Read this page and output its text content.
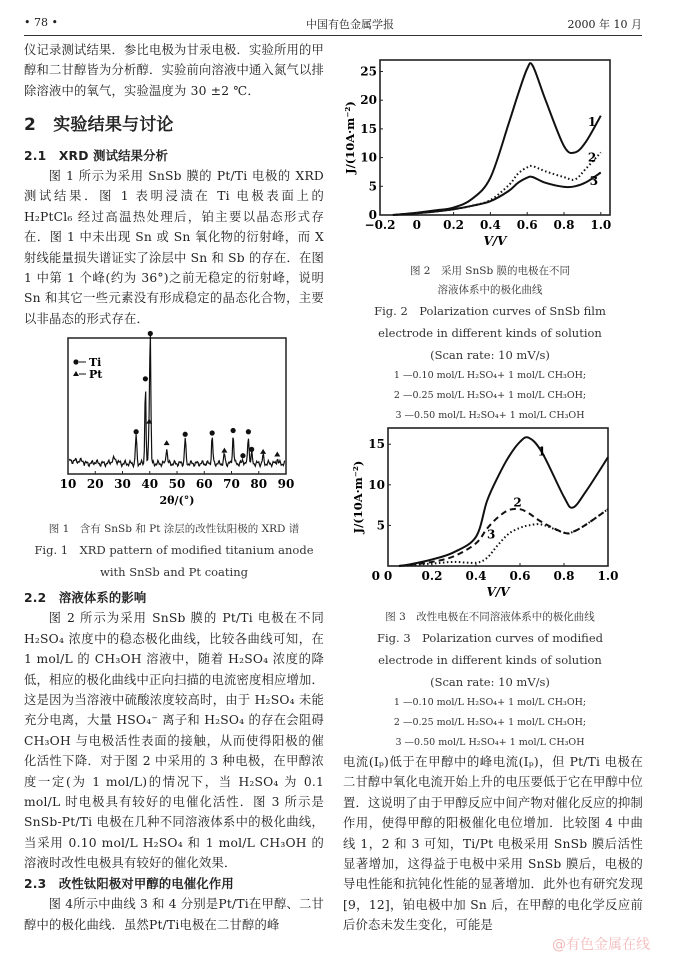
• 78 •	中国有色金属学报	2000 年 10 月

仪记录测试结果．参比电极为甘汞电极．实验所用的甲醇和二甘醇皆为分析醇．实验前向溶液中通入氮气以排除溶液中的氧气，实验温度为 30 ±2 ℃．

2　实验结果与讨论
2.1　XRD 测试结果分析

图 1 所示为采用 SnSb 膜的 Pt/Ti 电极的 XRD 测试结果．图 1 表明浸渍在 Ti 电极表面上的 H₂PtCl₆ 经过高温热处理后，铂主要以晶态形式存在．图 1 中未出现 Sn 或 Sn 氧化物的衍射峰，而 X 射线能量损失谱证实了涂层中 Sn 和 Sb 的存在．在图 1 中第 1 个峰(约为 36°)之前无稳定的衍射峰，说明 Sn 和其它一些元素没有形成稳定的晶态化合物，主要以非晶态的形式存在．

10 20 30 40 50 60 70 80 90
2θ/(°)
Ti
Pt
图 1　含有 SnSb 和 Pt 涂层的改性钛阳极的 XRD 谱
Fig. 1　XRD pattern of modified titanium anode
with SnSb and Pt coating
2.2　溶液体系的影响

图 2 所示为采用 SnSb 膜的 Pt/Ti 电极在不同 H₂SO₄ 浓度中的稳态极化曲线，比较各曲线可知，在 1 mol/L 的 CH₃OH 溶液中，随着 H₂SO₄ 浓度的降低，相应的极化曲线中正向扫描的电流密度相应增加．这是因为当溶液中硫酸浓度较高时，由于 H₂SO₄ 未能充分电离，大量 HSO₄⁻ 离子和 H₂SO₄ 的存在会阻碍 CH₃OH 与电极活性表面的接触，从而使得阳极的催化活性下降．对于图 2 中采用的 3 种电极，在甲醇浓度一定(为 1 mol/L)的情况下，当 H₂SO₄ 为 0.1 mol/L 时电极具有较好的电催化活性．图 3 所示是 SnSb-Pt/Ti 电极在几种不同溶液体系中的极化曲线，当采用 0.10 mol/L H₂SO₄ 和 1 mol/L CH₃OH 的溶液时改性电极具有较好的催化效果．

2.3　改性钛阳极对甲醇的电催化作用

图 4所示中曲线 3 和 4 分别是Pt/Ti在甲醇、二甘醇中的极化曲线．虽然Pt/Ti电极在二甘醇的峰

1
2
3
−0.2 0 0.2 0.4 0.6 0.8 1.0
0
5
10
15
20
25
V/V
J/(10A·m⁻²)
图 2　采用 SnSb 膜的电极在不同
溶液体系中的极化曲线
Fig. 2　Polarization curves of SnSb film
electrode in different kinds of solution
(Scan rate: 10 mV/s)
1 —0.10 mol/L H₂SO₄+ 1 mol/L CH₃OH;
2 —0.25 mol/L H₂SO₄+ 1 mol/L CH₃OH;
3 —0.50 mol/L H₂SO₄+ 1 mol/L CH₃OH
1
2
3
0 0.2 0.4 0.6 0.8 1.0
5
10
15
V/V
J/(10A·m⁻²)
0
图 3　改性电极在不同溶液体系中的极化曲线
Fig. 3　Polarization curves of modified
electrode in different kinds of solution
(Scan rate: 10 mV/s)
1 —0.10 mol/L H₂SO₄+ 1 mol/L CH₃OH;
2 —0.25 mol/L H₂SO₄+ 1 mol/L CH₃OH;
3 —0.50 mol/L H₂SO₄+ 1 mol/L CH₃OH

电流(Iₚ)低于在甲醇中的峰电流(Iₚ)，但 Pt/Ti 电极在二甘醇中氧化电流开始上升的电压要低于它在甲醇中位置．这说明了由于甲醇反应中间产物对催化反应的抑制作用，使得甲醇的阳极催化电位增加．比较图 4 中曲线 1，2 和 3 可知，Ti/Pt 电极采用 SnSb 膜后活性显著增加，这得益于电极中采用 SnSb 膜后，电极的导电性能和抗钝化性能的显著增加．此外也有研究发现[9，12]，铂电极中加 Sn 后，在甲醇的电化学反应前后价态未发生变化，可能是

@有色金属在线
